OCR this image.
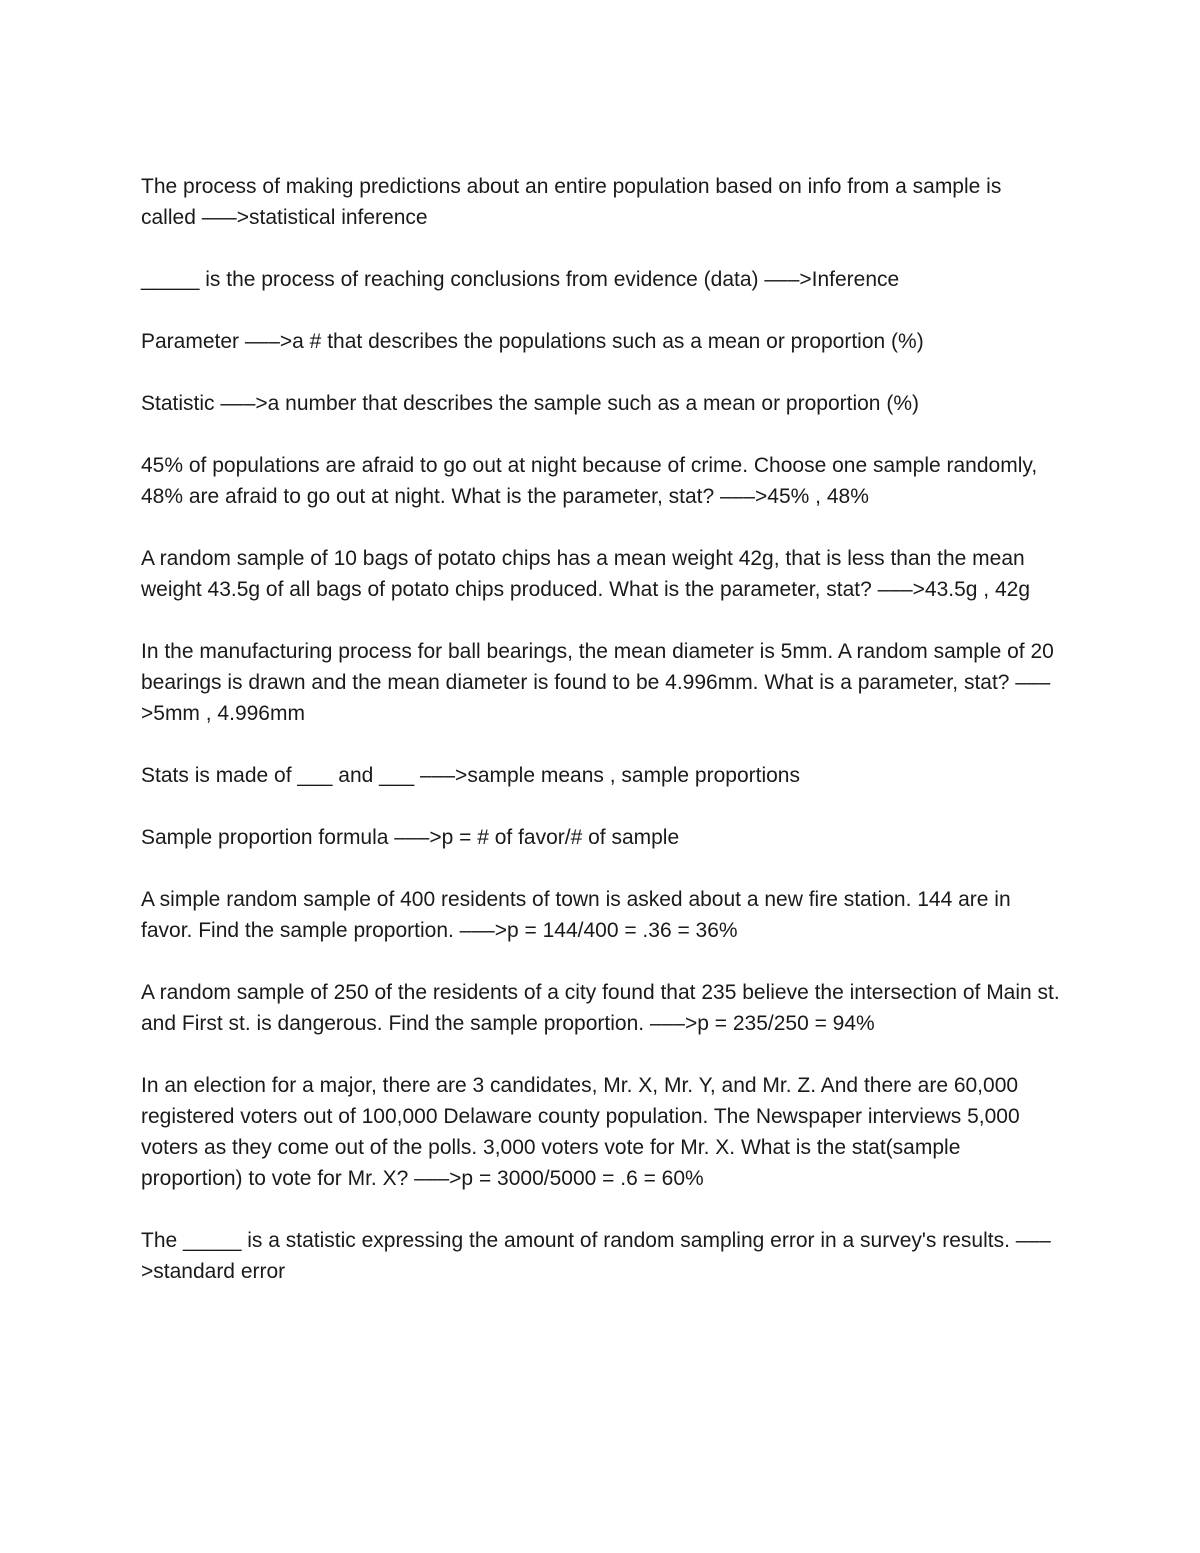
The process of making predictions about an entire population based on info from a sample is called –––>statistical inference

_____ is the process of reaching conclusions from evidence (data) –––>Inference

Parameter –––>a # that describes the populations such as a mean or proportion (%)

Statistic –––>a number that describes the sample such as a mean or proportion (%)

45% of populations are afraid to go out at night because of crime. Choose one sample randomly, 48% are afraid to go out at night. What is the parameter, stat? –––>45% , 48%

A random sample of 10 bags of potato chips has a mean weight 42g, that is less than the mean weight 43.5g of all bags of potato chips produced. What is the parameter, stat? –––>43.5g , 42g

In the manufacturing process for ball bearings, the mean diameter is 5mm. A random sample of 20 bearings is drawn and the mean diameter is found to be 4.996mm. What is a parameter, stat? –––>5mm , 4.996mm

Stats is made of ___ and ___ –––>sample means , sample proportions

Sample proportion formula –––>p = # of favor/# of sample

A simple random sample of 400 residents of town is asked about a new fire station. 144 are in favor. Find the sample proportion. –––>p = 144/400 = .36 = 36%

A random sample of 250 of the residents of a city found that 235 believe the intersection of Main st. and First st. is dangerous. Find the sample proportion. –––>p = 235/250 = 94%

In an election for a major, there are 3 candidates, Mr. X, Mr. Y, and Mr. Z. And there are 60,000 registered voters out of 100,000 Delaware county population. The Newspaper interviews 5,000 voters as they come out of the polls. 3,000 voters vote for Mr. X. What is the stat(sample proportion) to vote for Mr. X? –––>p = 3000/5000 = .6 = 60%

The _____ is a statistic expressing the amount of random sampling error in a survey's results. –––>standard error
